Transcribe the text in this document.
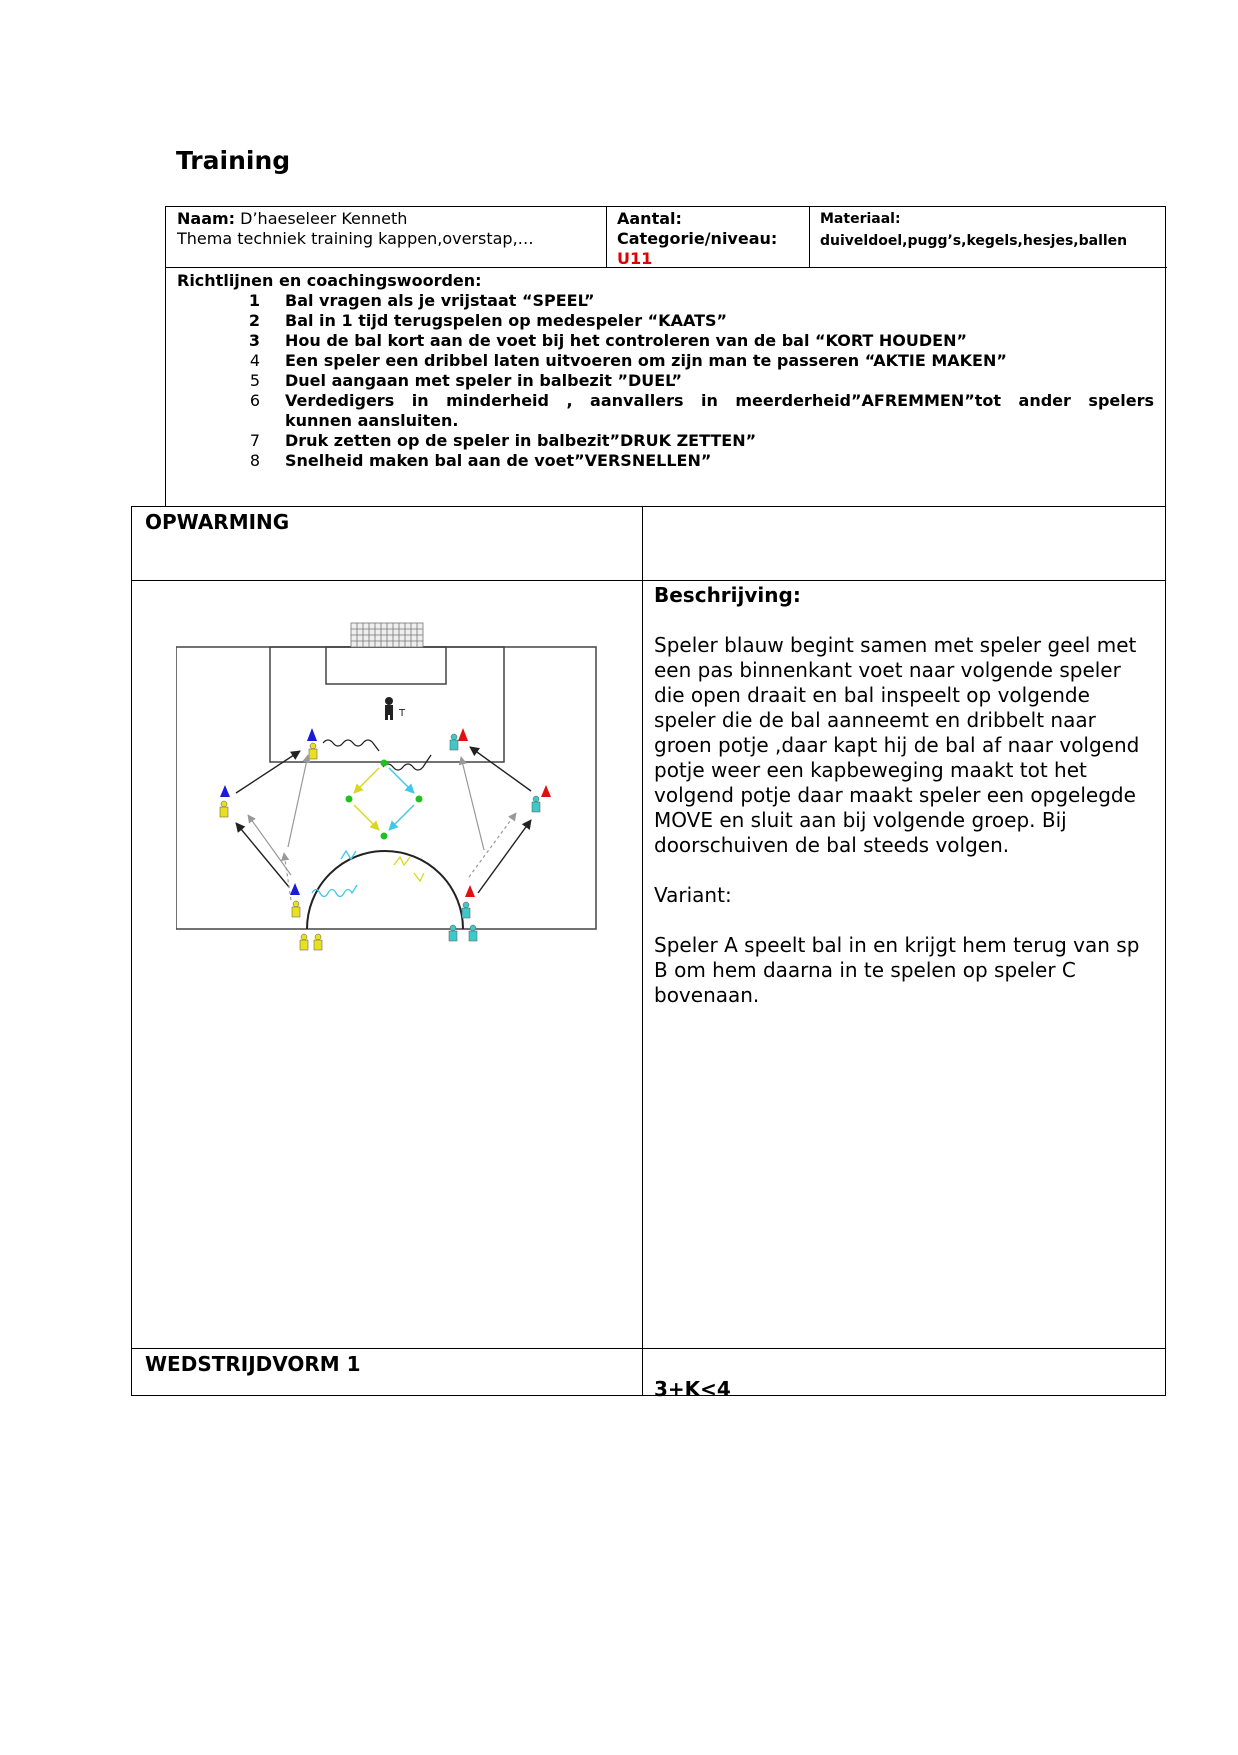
Training
Naam: D’haeseleer Kenneth
Thema techniek training kappen,overstap,…
Aantal:
Categorie/niveau:
U11
Materiaal:
duiveldoel,pugg’s,kegels,hesjes,ballen
Richtlijnen en coachingswoorden:
1	Bal vragen als je vrijstaat “SPEEL”
2	Bal in 1 tijd terugspelen op medespeler “KAATS”
3	Hou de bal kort aan de voet bij het controleren van de bal “KORT HOUDEN”
4	Een speler een dribbel laten uitvoeren om zijn man te passeren “AKTIE MAKEN”
5	Duel aangaan met speler in balbezit ”DUEL”
6	Verdedigers in minderheid , aanvallers in meerderheid”AFREMMEN”tot ander spelers
kunnen aansluiten.
7	Druk zetten op de speler in balbezit”DRUK ZETTEN”
8	Snelheid maken bal aan de voet”VERSNELLEN”
OPWARMING
Beschrijving:

Speler blauw begint samen met speler geel met een pas binnenkant voet naar volgende speler die open draait en bal inspeelt op volgende speler die de bal aanneemt en dribbelt naar groen potje ,daar kapt hij de bal af naar volgend potje weer een kapbeweging maakt tot het volgend potje daar maakt speler een opgelegde MOVE en sluit aan bij volgende groep. Bij doorschuiven de bal steeds volgen.

Variant:

Speler A speelt bal in en krijgt hem terug van sp B om hem daarna in te spelen op speler C bovenaan.

WEDSTRIJDVORM 1
3+K<4
T
